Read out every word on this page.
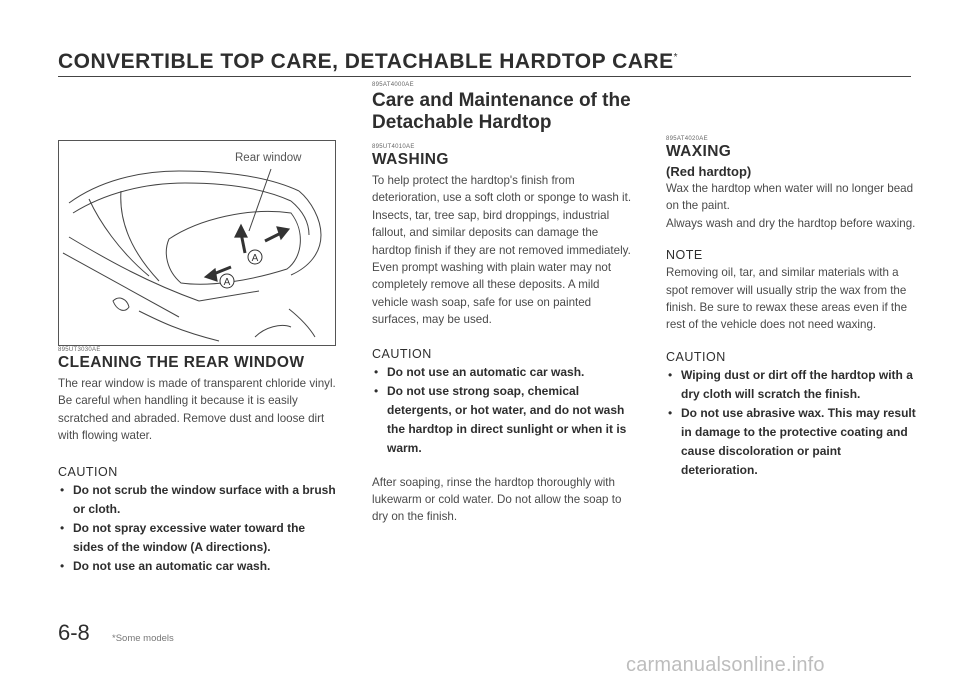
CONVERTIBLE TOP CARE, DETACHABLE HARDTOP CARE*
A
A
Rear window
895UT3030AE
CLEANING THE REAR WINDOW

The rear window is made of transparent chloride vinyl. Be careful when handling it because it is easily scratched and abraded. Remove dust and loose dirt with flowing water.

CAUTION
• Do not scrub the window surface with a brush or cloth.
• Do not spray excessive water toward the sides of the window (A directions).
• Do not use an automatic car wash.
895AT4000AE
Care and Maintenance of the Detachable Hardtop
895UT4010AE
WASHING

To help protect the hardtop's finish from deterioration, use a soft cloth or sponge to wash it.

Insects, tar, tree sap, bird droppings, industrial fallout, and similar deposits can damage the hardtop finish if they are not removed immediately. Even prompt washing with plain water may not completely remove all these deposits. A mild vehicle wash soap, safe for use on painted surfaces, may be used.

CAUTION
• Do not use an automatic car wash.
• Do not use strong soap, chemical detergents, or hot water, and do not wash the hardtop in direct sunlight or when it is warm.

After soaping, rinse the hardtop thoroughly with lukewarm or cold water. Do not allow the soap to dry on the finish.

895AT4020AE
WAXING
(Red hardtop)

Wax the hardtop when water will no longer bead on the paint.

Always wash and dry the hardtop before waxing.

NOTE

Removing oil, tar, and similar materials with a spot remover will usually strip the wax from the finish. Be sure to rewax these areas even if the rest of the vehicle does not need waxing.

CAUTION
• Wiping dust or dirt off the hardtop with a dry cloth will scratch the finish.
• Do not use abrasive wax. This may result in damage to the protective coating and cause discoloration or paint deterioration.
6-8 *Some models
carmanualsonline.info
